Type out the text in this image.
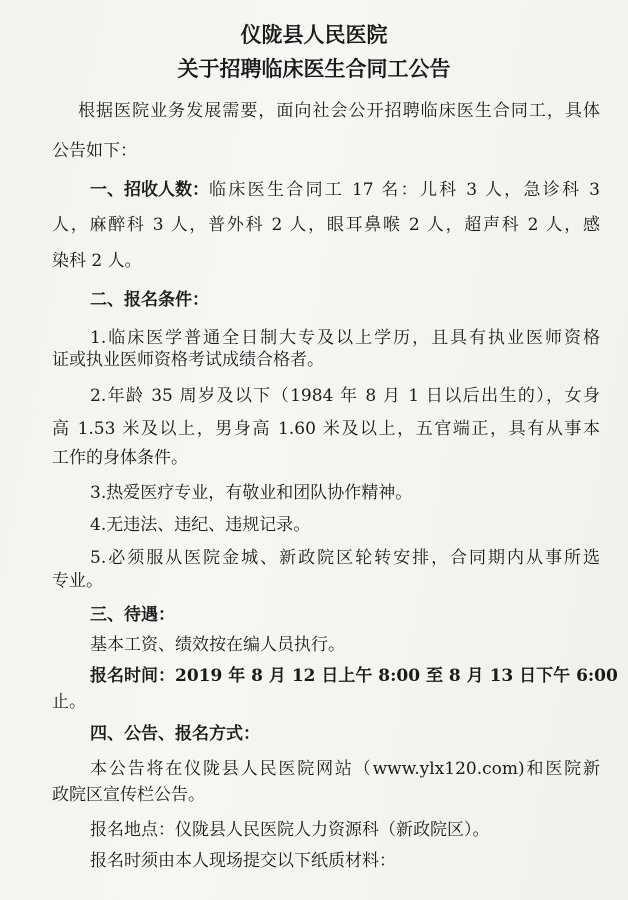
仪陇县人民医院
关于招聘临床医生合同工公告
根据医院业务发展需要，面向社会公开招聘临床医生合同工，具体
公告如下：
一、招收人数： 临床医生合同工 17 名：儿科 3 人，急诊科 3
人，麻醉科 3 人，普外科 2 人，眼耳鼻喉 2 人，超声科 2 人，感
染科 2 人。
二、报名条件：
1.临床医学普通全日制大专及以上学历，且具有执业医师资格
证或执业医师资格考试成绩合格者。
2.年龄 35 周岁及以下（1984 年 8 月 1 日以后出生的），女身
高 1.53 米及以上，男身高 1.60 米及以上，五官端正，具有从事本
工作的身体条件。
3.热爱医疗专业，有敬业和团队协作精神。
4.无违法、违纪、违规记录。
5.必须服从医院金城、新政院区轮转安排，合同期内从事所选
专业。
三、待遇：
基本工资、绩效按在编人员执行。
报名时间： 2019 年 8 月 12 日上午 8:00 至 8 月 13 日下午 6:00
止。
四、公告、报名方式：
本公告将在仪陇县人民医院网站（www.ylx120.com)和医院新
政院区宣传栏公告。
报名地点：仪陇县人民医院人力资源科（新政院区）。
报名时须由本人现场提交以下纸质材料：
